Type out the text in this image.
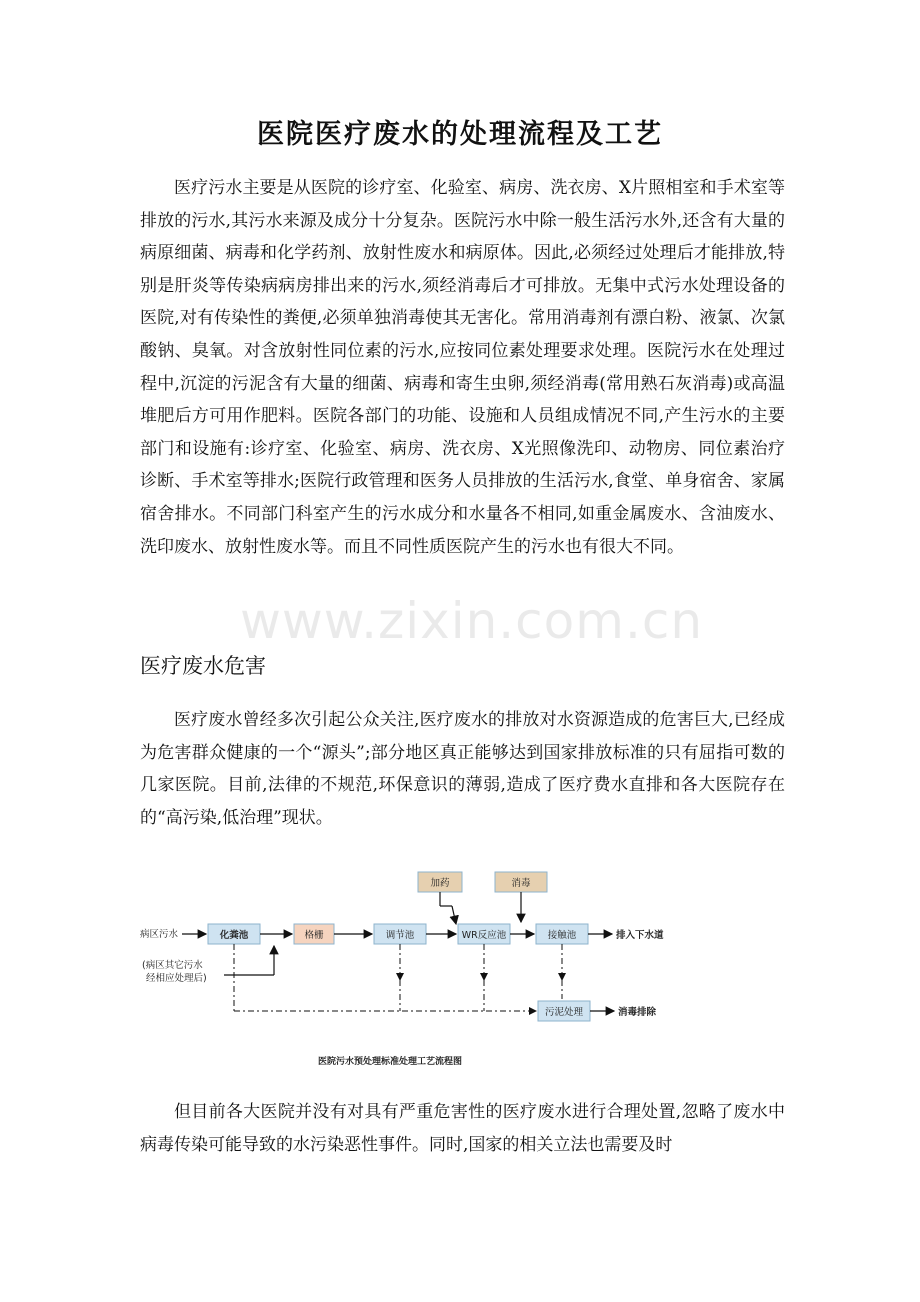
医院医疗废水的处理流程及工艺

医疗污水主要是从医院的诊疗室、化验室、病房、洗衣房、X片照相室和手术室等排放的污水,其污水来源及成分十分复杂。医院污水中除一般生活污水外,还含有大量的病原细菌、病毒和化学药剂、放射性废水和病原体。因此,必须经过处理后才能排放,特别是肝炎等传染病病房排出来的污水,须经消毒后才可排放。无集中式污水处理设备的医院,对有传染性的粪便,必须单独消毒使其无害化。常用消毒剂有漂白粉、液氯、次氯酸钠、臭氧。对含放射性同位素的污水,应按同位素处理要求处理。医院污水在处理过程中,沉淀的污泥含有大量的细菌、病毒和寄生虫卵,须经消毒(常用熟石灰消毒)或高温堆肥后方可用作肥料。医院各部门的功能、设施和人员组成情况不同,产生污水的主要部门和设施有:诊疗室、化验室、病房、洗衣房、X光照像洗印、动物房、同位素治疗诊断、手术室等排水;医院行政管理和医务人员排放的生活污水,食堂、单身宿舍、家属宿舍排水。不同部门科室产生的污水成分和水量各不相同,如重金属废水、含油废水、洗印废水、放射性废水等。而且不同性质医院产生的污水也有很大不同。

www.zixin.com.cn
医疗废水危害

医疗废水曾经多次引起公众关注,医疗废水的排放对水资源造成的危害巨大,已经成为危害群众健康的一个“源头”;部分地区真正能够达到国家排放标准的只有屈指可数的几家医院。目前,法律的不规范,环保意识的薄弱,造成了医疗费水直排和各大医院存在的“高污染,低治理”现状。

病区污水
(病区其它污水
经相应处理后)
化粪池	格栅	调节池	WR反应池	接触池
加药	消毒
污泥处理
排入下水道
消毒排除
医院污水预处理标准处理工艺流程图

但目前各大医院并没有对具有严重危害性的医疗废水进行合理处置,忽略了废水中病毒传染可能导致的水污染恶性事件。同时,国家的相关立法也需要及时
